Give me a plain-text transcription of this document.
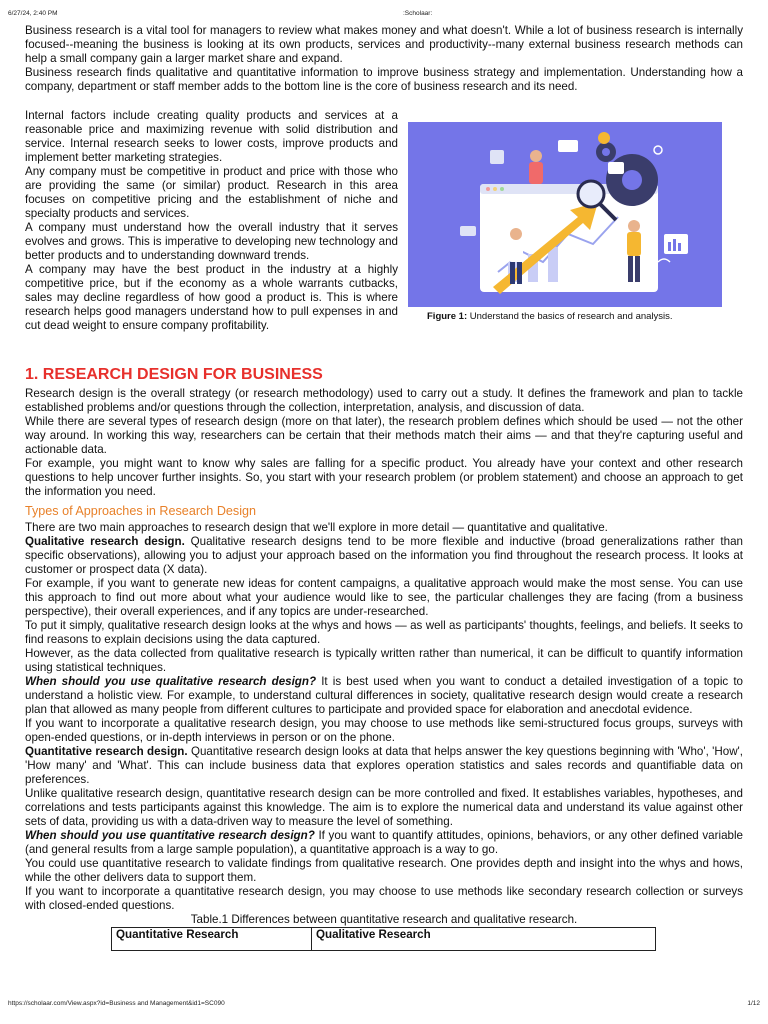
6/27/24, 2:40 PM	:Scholaar:

Business research is a vital tool for managers to review what makes money and what doesn't. While a lot of business research is internally focused--meaning the business is looking at its own products, services and productivity--many external business research methods can help a small company gain a larger market share and expand.

Business research finds qualitative and quantitative information to improve business strategy and implementation. Understanding how a company, department or staff member adds to the bottom line is the core of business research and its need.

Internal factors include creating quality products and services at a reasonable price and maximizing revenue with solid distribution and service. Internal research seeks to lower costs, improve products and implement better marketing strategies.

Any company must be competitive in product and price with those who are providing the same (or similar) product. Research in this area focuses on competitive pricing and the establishment of niche and specialty products and services.

A company must understand how the overall industry that it serves evolves and grows. This is imperative to developing new technology and better products and to understanding downward trends.

A company may have the best product in the industry at a highly competitive price, but if the economy as a whole warrants cutbacks, sales may decline regardless of how good a product is. This is where research helps good managers understand how to pull expenses in and cut dead weight to ensure company profitability.

Figure 1: Understand the basics of research and analysis.
1. RESEARCH DESIGN FOR BUSINESS

Research design is the overall strategy (or research methodology) used to carry out a study. It defines the framework and plan to tackle established problems and/or questions through the collection, interpretation, analysis, and discussion of data.

While there are several types of research design (more on that later), the research problem defines which should be used — not the other way around. In working this way, researchers can be certain that their methods match their aims — and that they're capturing useful and actionable data.

For example, you might want to know why sales are falling for a specific product. You already have your context and other research questions to help uncover further insights. So, you start with your research problem (or problem statement) and choose an approach to get the information you need.

Types of Approaches in Research Design

There are two main approaches to research design that we'll explore in more detail — quantitative and qualitative.

Qualitative research design. Qualitative research designs tend to be more flexible and inductive (broad generalizations rather than specific observations), allowing you to adjust your approach based on the information you find throughout the research process. It looks at customer or prospect data (X data).

For example, if you want to generate new ideas for content campaigns, a qualitative approach would make the most sense. You can use this approach to find out more about what your audience would like to see, the particular challenges they are facing (from a business perspective), their overall experiences, and if any topics are under-researched.

To put it simply, qualitative research design looks at the whys and hows — as well as participants' thoughts, feelings, and beliefs. It seeks to find reasons to explain decisions using the data captured.

However, as the data collected from qualitative research is typically written rather than numerical, it can be difficult to quantify information using statistical techniques.

When should you use qualitative research design? It is best used when you want to conduct a detailed investigation of a topic to understand a holistic view. For example, to understand cultural differences in society, qualitative research design would create a research plan that allowed as many people from different cultures to participate and provided space for elaboration and anecdotal evidence.

If you want to incorporate a qualitative research design, you may choose to use methods like semi-structured focus groups, surveys with open-ended questions, or in-depth interviews in person or on the phone.

Quantitative research design. Quantitative research design looks at data that helps answer the key questions beginning with 'Who', 'How', 'How many' and 'What'. This can include business data that explores operation statistics and sales records and quantifiable data on preferences.

Unlike qualitative research design, quantitative research design can be more controlled and fixed. It establishes variables, hypotheses, and correlations and tests participants against this knowledge. The aim is to explore the numerical data and understand its value against other sets of data, providing us with a data-driven way to measure the level of something.

When should you use quantitative research design? If you want to quantify attitudes, opinions, behaviors, or any other defined variable (and general results from a large sample population), a quantitative approach is a way to go.

You could use quantitative research to validate findings from qualitative research. One provides depth and insight into the whys and hows, while the other delivers data to support them.

If you want to incorporate a quantitative research design, you may choose to use methods like secondary research collection or surveys with closed-ended questions.

Table.1 Differences between quantitative research and qualitative research.
Quantitative Research	Qualitative Research
https://scholaar.com/View.aspx?id=Business and Management&id1=SC090	1/12
